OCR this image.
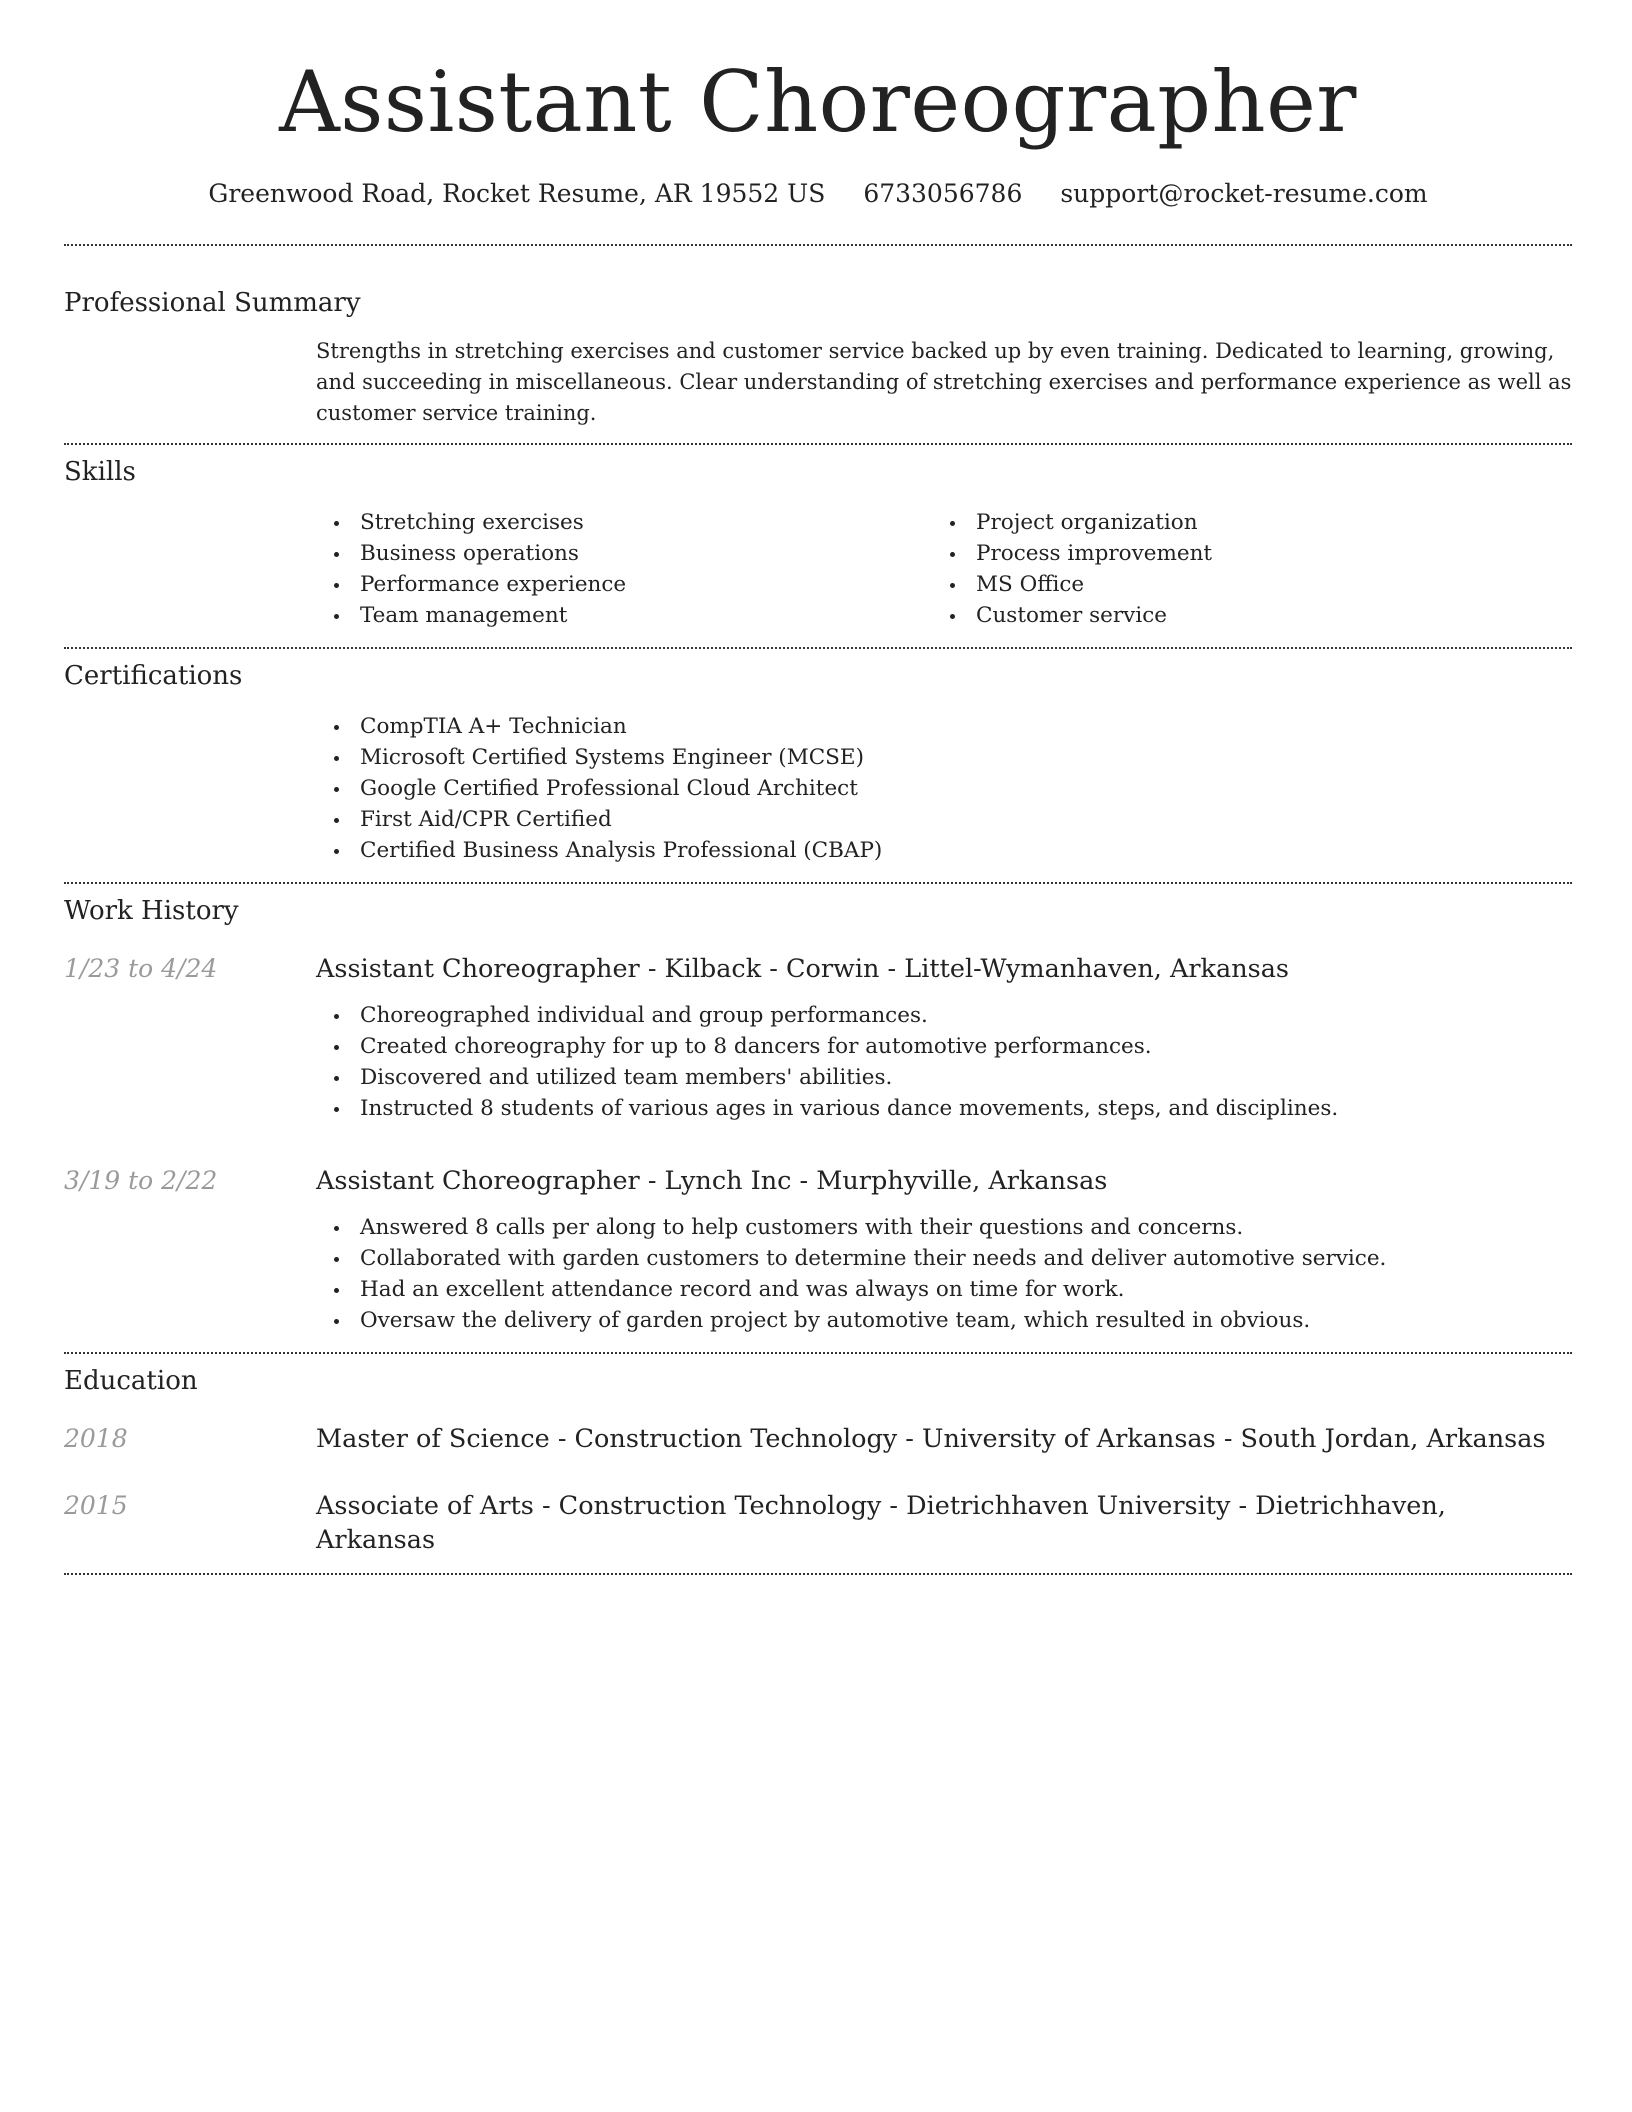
Assistant Choreographer
Greenwood Road, Rocket Resume, AR 19552 US 6733056786 support@rocket-resume.com
Professional Summary
Strengths in stretching exercises and customer service backed up by even training. Dedicated to learning, growing, and succeeding in miscellaneous. Clear understanding of stretching exercises and performance experience as well as customer service training.
Skills
Stretching exercises
Business operations
Performance experience
Team management
Project organization
Process improvement
MS Office
Customer service
Certifications
CompTIA A+ Technician
Microsoft Certified Systems Engineer (MCSE)
Google Certified Professional Cloud Architect
First Aid/CPR Certified
Certified Business Analysis Professional (CBAP)
Work History
1/23 to 4/24	Assistant Choreographer - Kilback - Corwin - Littel-Wymanhaven, Arkansas
Choreographed individual and group performances.
Created choreography for up to 8 dancers for automotive performances.
Discovered and utilized team members' abilities.
Instructed 8 students of various ages in various dance movements, steps, and disciplines.
3/19 to 2/22	Assistant Choreographer - Lynch Inc - Murphyville, Arkansas
Answered 8 calls per along to help customers with their questions and concerns.
Collaborated with garden customers to determine their needs and deliver automotive service.
Had an excellent attendance record and was always on time for work.
Oversaw the delivery of garden project by automotive team, which resulted in obvious.
Education
2018	Master of Science - Construction Technology - University of Arkansas - South Jordan, Arkansas
2015	Associate of Arts - Construction Technology - Dietrichhaven University - Dietrichhaven, Arkansas
